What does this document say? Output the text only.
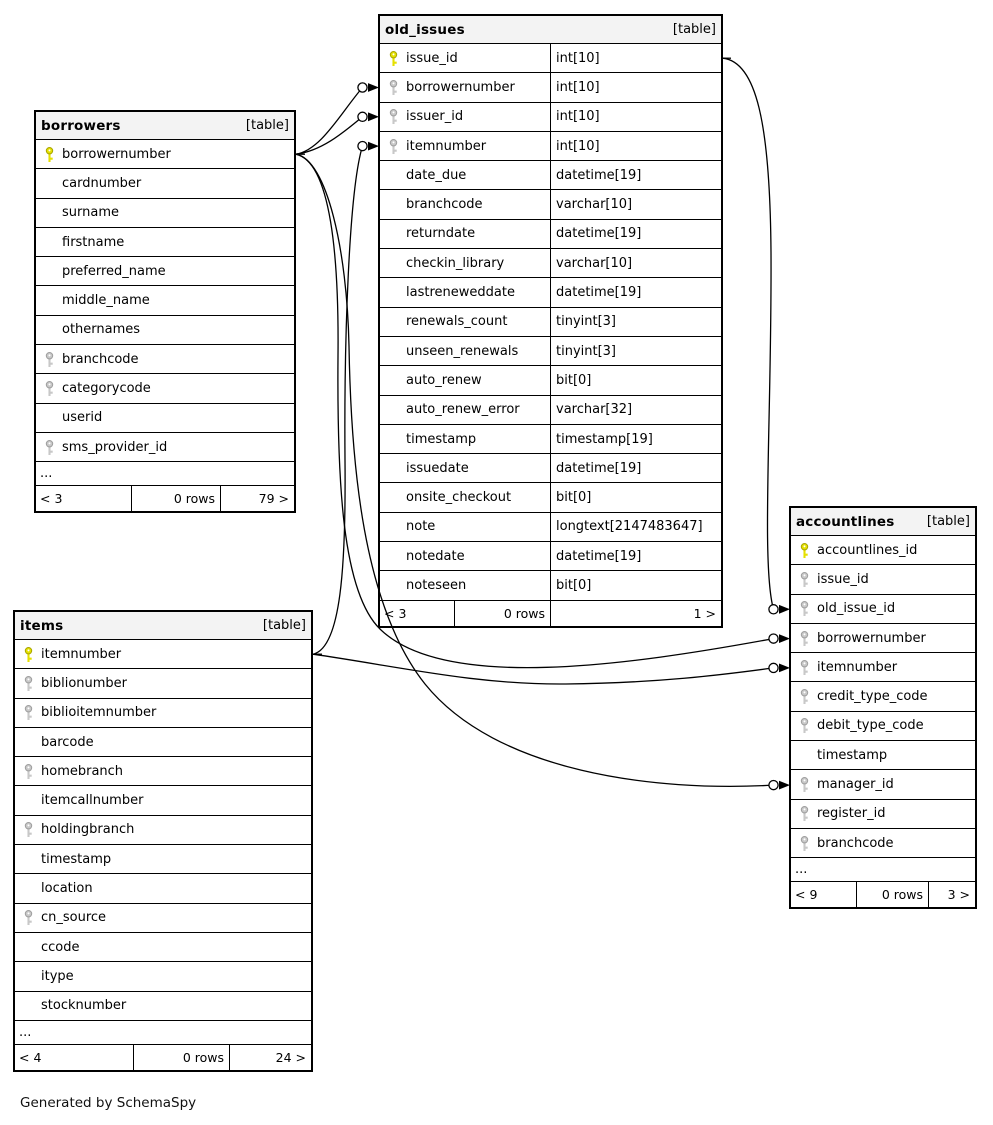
old_issues	[table]
issue_id	int[10]
borrowernumber	int[10]
issuer_id	int[10]
itemnumber	int[10]
date_due	datetime[19]
branchcode	varchar[10]
returndate	datetime[19]
checkin_library	varchar[10]
lastreneweddate	datetime[19]
renewals_count	tinyint[3]
unseen_renewals	tinyint[3]
auto_renew	bit[0]
auto_renew_error	varchar[32]
timestamp	timestamp[19]
issuedate	datetime[19]
onsite_checkout	bit[0]
note	longtext[2147483647]
notedate	datetime[19]
noteseen	bit[0]
< 3	0 rows	1 >
borrowers	[table]
borrowernumber
cardnumber
surname
firstname
preferred_name
middle_name
othernames
branchcode
categorycode
userid
sms_provider_id
...
< 3	0 rows	79 >
items	[table]
itemnumber
biblionumber
biblioitemnumber
barcode
homebranch
itemcallnumber
holdingbranch
timestamp
location
cn_source
ccode
itype
stocknumber
...
< 4	0 rows	24 >
accountlines [table]
accountlines_id
issue_id
old_issue_id
borrowernumber
itemnumber
credit_type_code
debit_type_code
timestamp
manager_id
register_id
branchcode
...
< 9	0 rows	3 >
Generated by SchemaSpy
